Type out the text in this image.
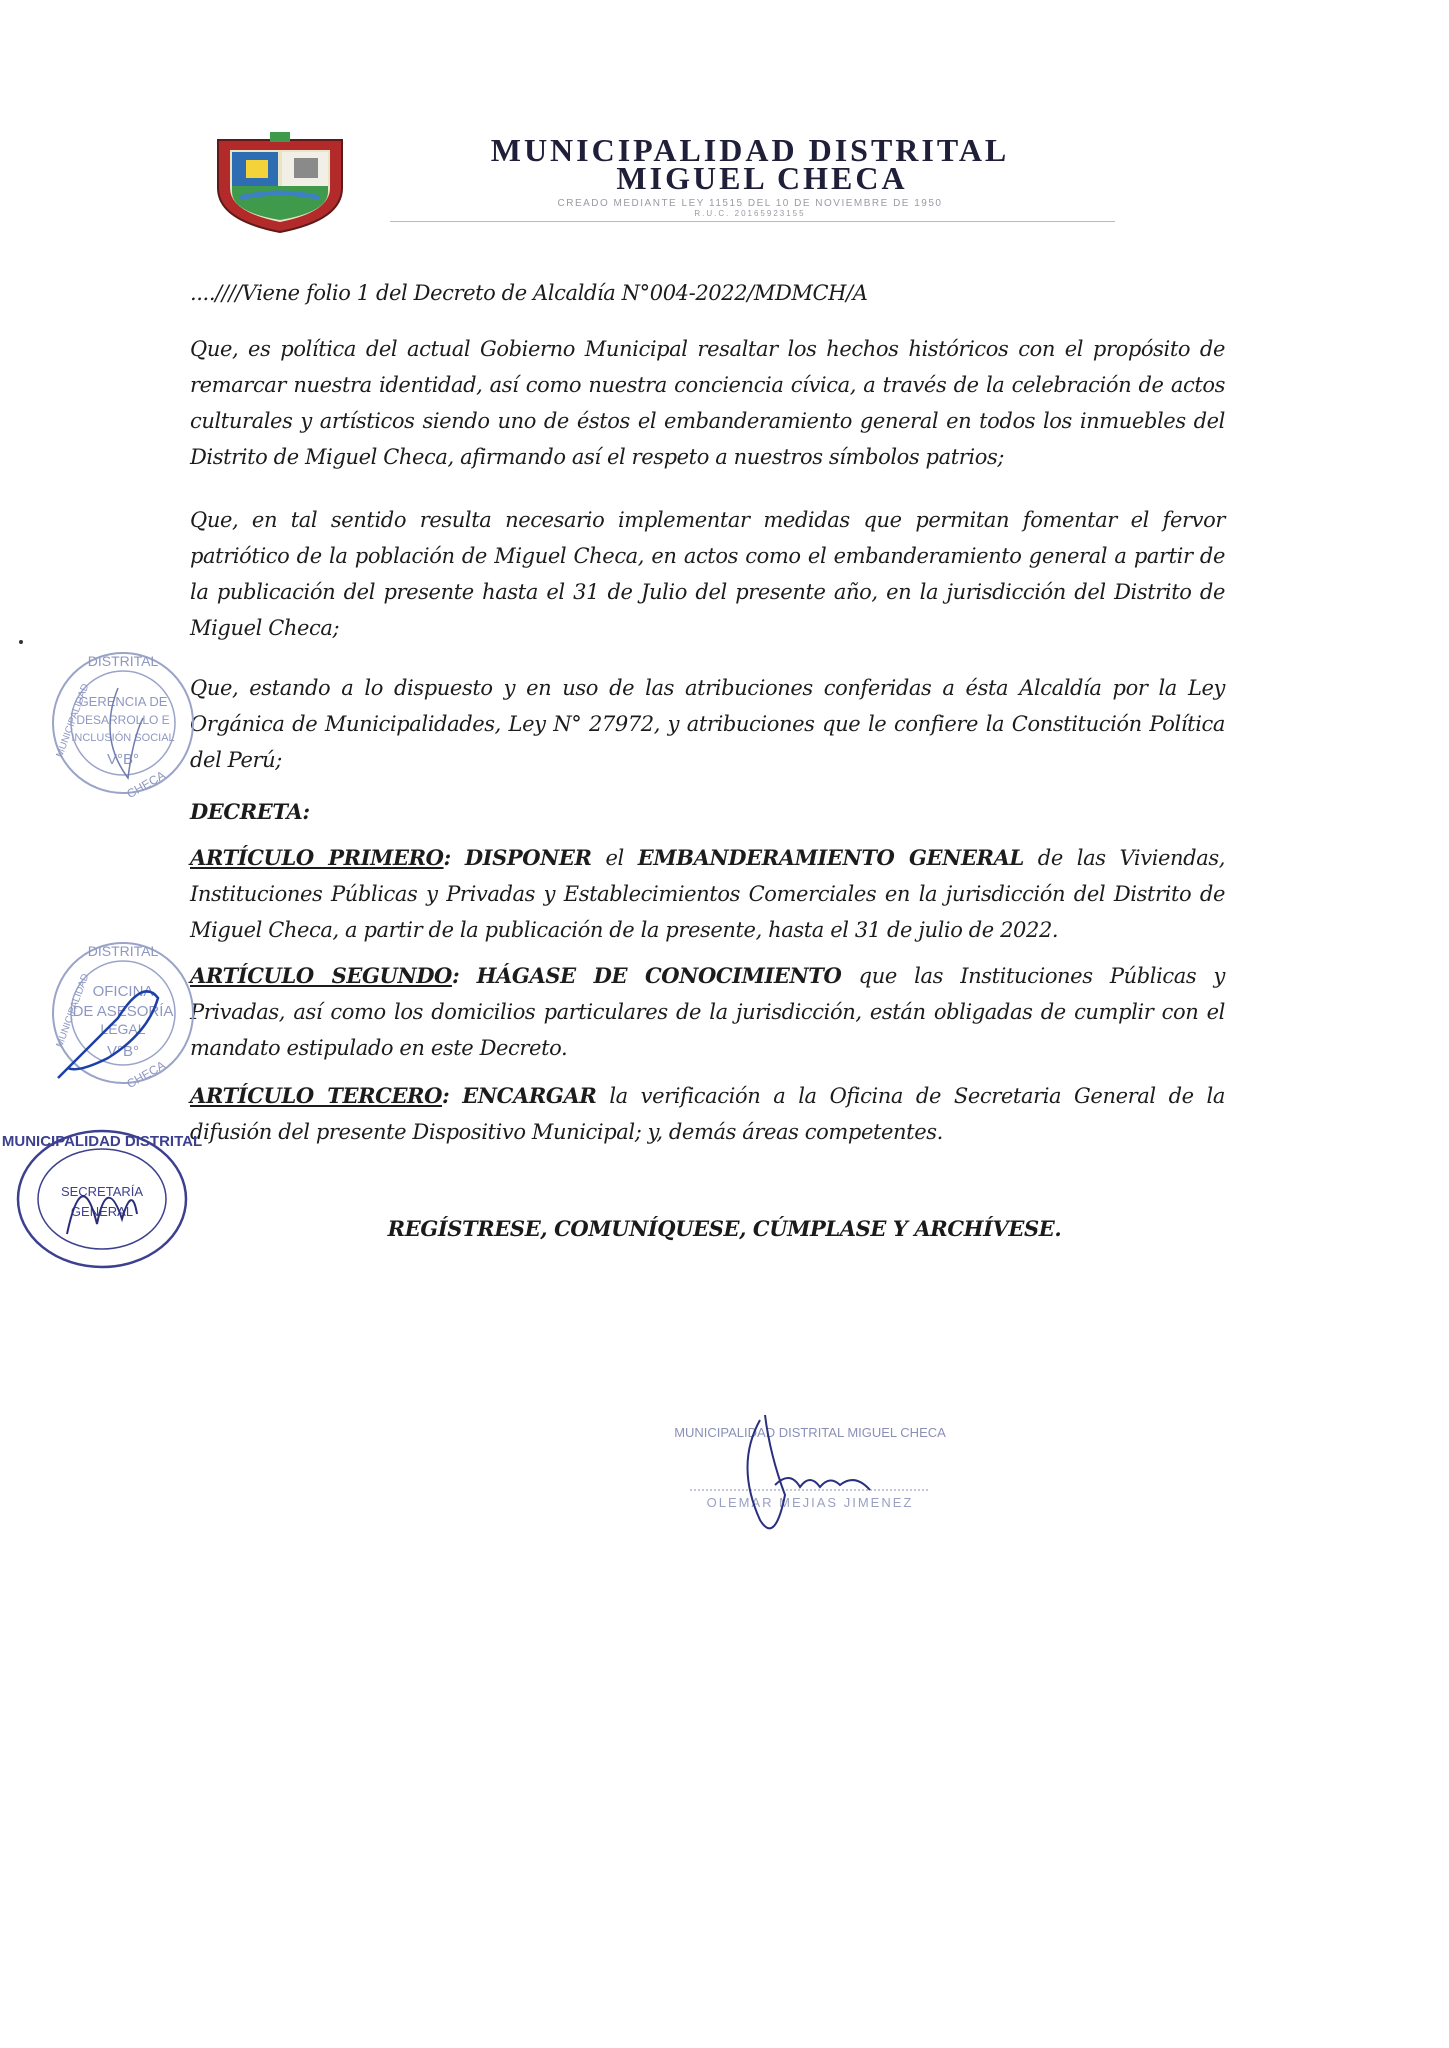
MUNICIPALIDAD DISTRITAL
MIGUEL CHECA
CREADO MEDIANTE LEY 11515 DEL 10 DE NOVIEMBRE DE 1950
R.U.C. 20165923155
....////Viene folio 1 del Decreto de Alcaldía N°004-2022/MDMCH/A
Que, es política del actual Gobierno Municipal resaltar los hechos históricos con el propósito de remarcar nuestra identidad, así como nuestra conciencia cívica, a través de la celebración de actos culturales y artísticos siendo uno de éstos el embanderamiento general en todos los inmuebles del Distrito de Miguel Checa, afirmando así el respeto a nuestros símbolos patrios;
Que, en tal sentido resulta necesario implementar medidas que permitan fomentar el fervor patriótico de la población de Miguel Checa, en actos como el embanderamiento general a partir de la publicación del presente hasta el 31 de Julio del presente año, en la jurisdicción del Distrito de Miguel Checa;
Que, estando a lo dispuesto y en uso de las atribuciones conferidas a ésta Alcaldía por la Ley Orgánica de Municipalidades, Ley N° 27972, y atribuciones que le confiere la Constitución Política del Perú;
DECRETA:
ARTÍCULO PRIMERO: DISPONER el EMBANDERAMIENTO GENERAL de las Viviendas, Instituciones Públicas y Privadas y Establecimientos Comerciales en la jurisdicción del Distrito de Miguel Checa, a partir de la publicación de la presente, hasta el 31 de julio de 2022.
ARTÍCULO SEGUNDO: HÁGASE DE CONOCIMIENTO que las Instituciones Públicas y Privadas, así como los domicilios particulares de la jurisdicción, están obligadas de cumplir con el mandato estipulado en este Decreto.
ARTÍCULO TERCERO: ENCARGAR la verificación a la Oficina de Secretaria General de la difusión del presente Dispositivo Municipal; y, demás áreas competentes.
REGÍSTRESE, COMUNÍQUESE, CÚMPLASE Y ARCHÍVESE.
DISTRITAL
GERENCIA DE
DESARROLLO E
INCLUSIÓN SOCIAL
V°B°
CHECA
MUNICIPALIDAD
DISTRITAL
OFICINA
DE ASESORÍA
LEGAL
V°B°
CHECA
MUNICIPALIDAD
MUNICIPALIDAD DISTRITAL
SECRETARÍA
GENERAL
MUNICIPALIDAD DISTRITAL MIGUEL CHECA
OLEMAR MEJIAS JIMENEZ
